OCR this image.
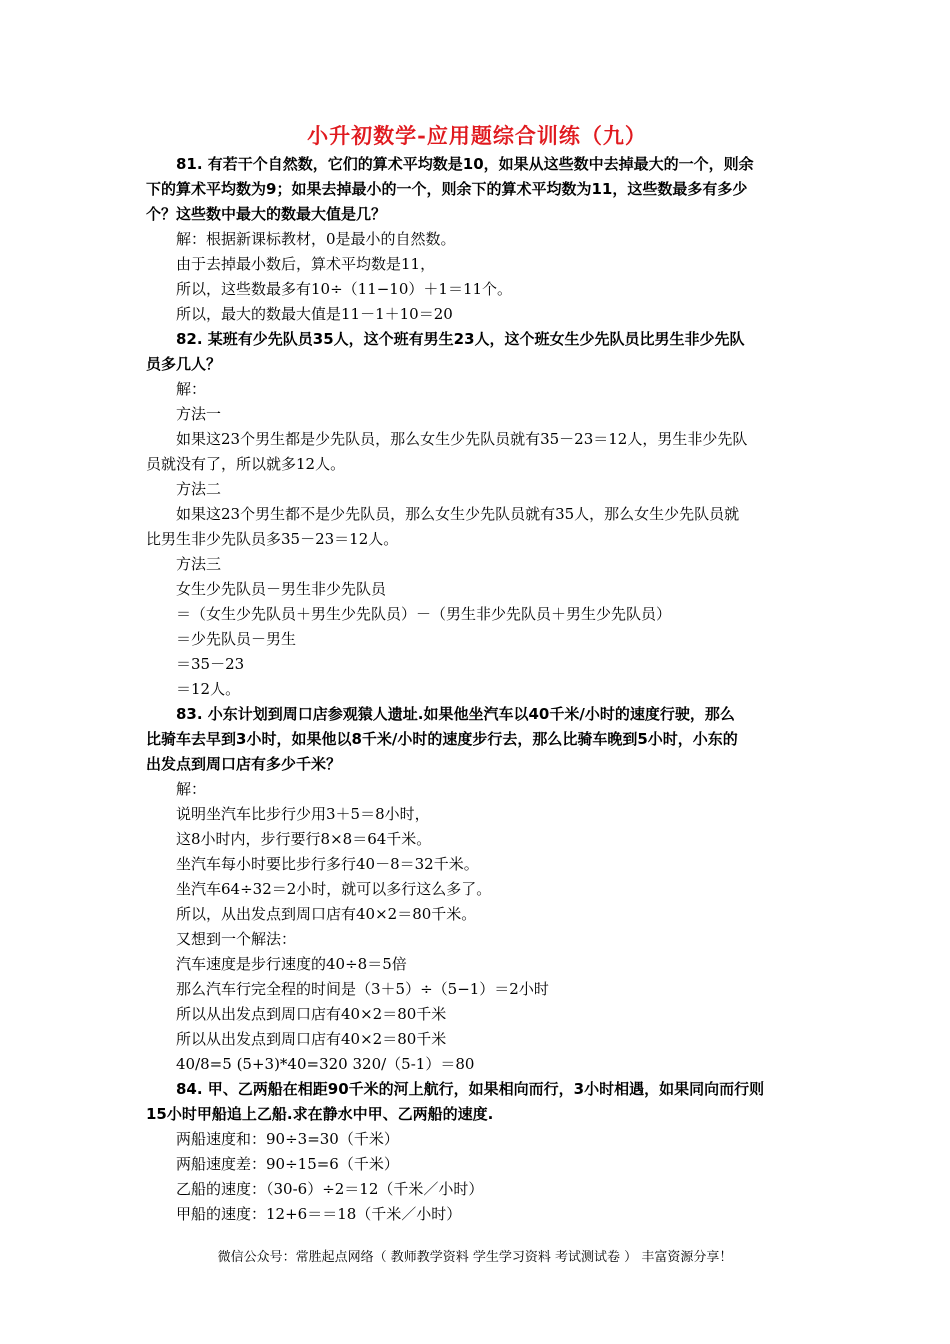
小升初数学-应用题综合训练（九）
81. 有若干个自然数，它们的算术平均数是10，如果从这些数中去掉最大的一个，则余
下的算术平均数为9；如果去掉最小的一个，则余下的算术平均数为11，这些数最多有多少
个？这些数中最大的数最大值是几？
解：根据新课标教材，0是最小的自然数。
由于去掉最小数后，算术平均数是11，
所以，这些数最多有10÷（11−10）＋1＝11个。
所以，最大的数最大值是11－1＋10＝20
82. 某班有少先队员35人，这个班有男生23人，这个班女生少先队员比男生非少先队
员多几人？
解：
方法一
如果这23个男生都是少先队员，那么女生少先队员就有35－23＝12人，男生非少先队
员就没有了，所以就多12人。
方法二
如果这23个男生都不是少先队员，那么女生少先队员就有35人，那么女生少先队员就
比男生非少先队员多35－23＝12人。
方法三
女生少先队员－男生非少先队员
＝（女生少先队员＋男生少先队员）－（男生非少先队员＋男生少先队员）
＝少先队员－男生
＝35－23
＝12人。
83. 小东计划到周口店参观猿人遗址.如果他坐汽车以40千米/小时的速度行驶，那么
比骑车去早到3小时，如果他以8千米/小时的速度步行去，那么比骑车晚到5小时，小东的
出发点到周口店有多少千米？
解：
说明坐汽车比步行少用3＋5＝8小时，
这8小时内，步行要行8×8＝64千米。
坐汽车每小时要比步行多行40－8＝32千米。
坐汽车64÷32＝2小时，就可以多行这么多了。
所以，从出发点到周口店有40×2＝80千米。
又想到一个解法：
汽车速度是步行速度的40÷8＝5倍
那么汽车行完全程的时间是（3＋5）÷（5−1）＝2小时
所以从出发点到周口店有40×2＝80千米
所以从出发点到周口店有40×2＝80千米
40/8=5 (5+3)*40=320 320/（5-1）＝80
84. 甲、乙两船在相距90千米的河上航行，如果相向而行，3小时相遇，如果同向而行则
15小时甲船追上乙船.求在静水中甲、乙两船的速度.
两船速度和：90÷3=30（千米）
两船速度差：90÷15=6（千米）
乙船的速度：（30-6）÷2＝12（千米／小时）
甲船的速度：12+6＝＝18（千米／小时）
微信公众号：常胜起点网络（ 教师教学资料 学生学习资料 考试测试卷 ） 丰富资源分享！
